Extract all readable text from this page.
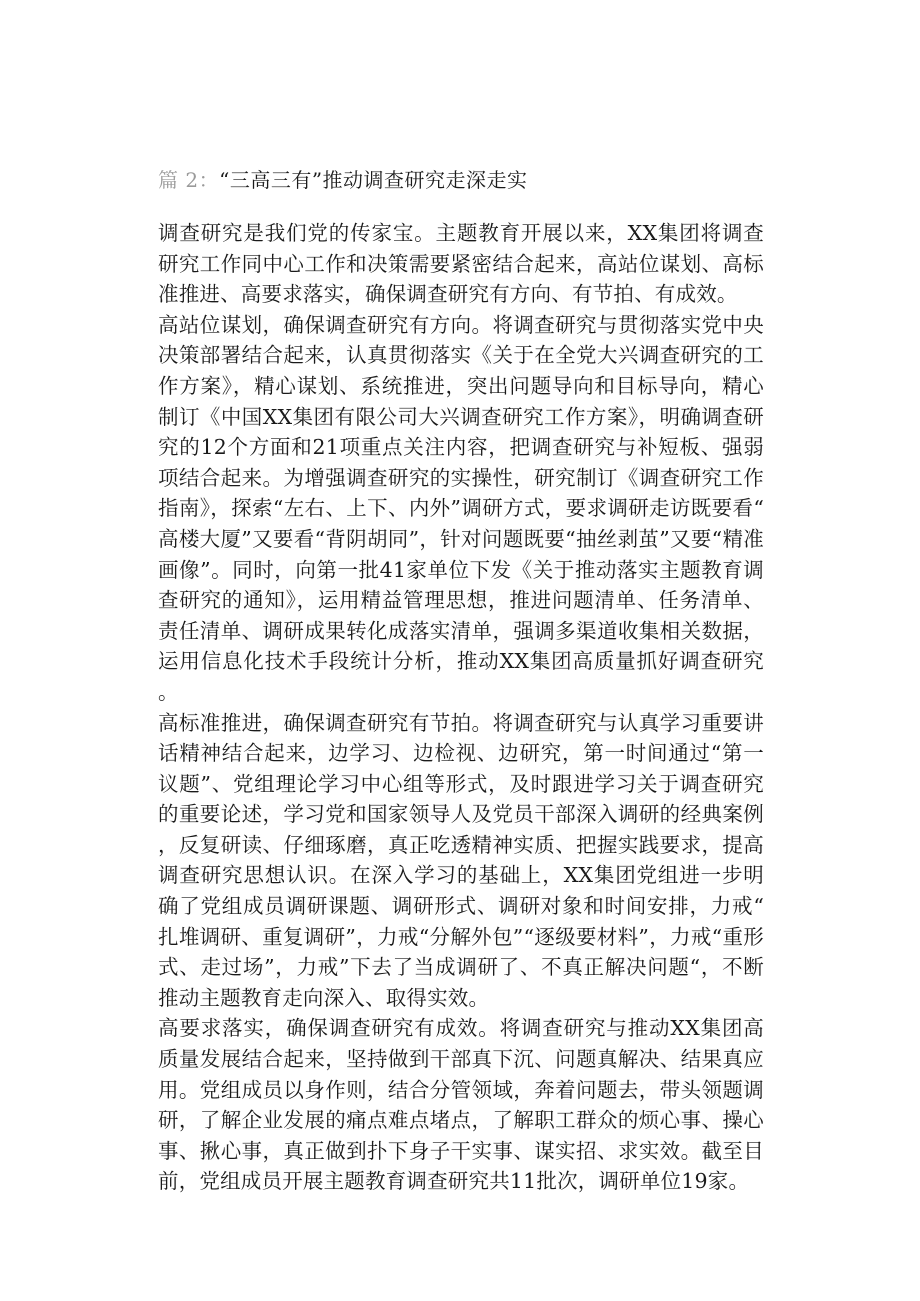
篇 2：“三高三有”推动调查研究走深走实

调查研究是我们党的传家宝。主题教育开展以来，XX集团将调查研究工作同中心工作和决策需要紧密结合起来，高站位谋划、高标准推进、高要求落实，确保调查研究有方向、有节拍、有成效。

高站位谋划，确保调查研究有方向。将调查研究与贯彻落实党中央决策部署结合起来，认真贯彻落实《关于在全党大兴调查研究的工作方案》，精心谋划、系统推进，突出问题导向和目标导向，精心制订《中国XX集团有限公司大兴调查研究工作方案》，明确调查研究的12个方面和21项重点关注内容，把调查研究与补短板、强弱项结合起来。为增强调查研究的实操性，研究制订《调查研究工作指南》，探索“左右、上下、内外”调研方式，要求调研走访既要看“高楼大厦”又要看“背阴胡同”，针对问题既要“抽丝剥茧”又要“精准画像”。同时，向第一批41家单位下发《关于推动落实主题教育调查研究的通知》，运用精益管理思想，推进问题清单、任务清单、责任清单、调研成果转化成落实清单，强调多渠道收集相关数据，运用信息化技术手段统计分析，推动XX集团高质量抓好调查研究。

高标准推进，确保调查研究有节拍。将调查研究与认真学习重要讲话精神结合起来，边学习、边检视、边研究，第一时间通过“第一议题”、党组理论学习中心组等形式，及时跟进学习关于调查研究的重要论述，学习党和国家领导人及党员干部深入调研的经典案例，反复研读、仔细琢磨，真正吃透精神实质、把握实践要求，提高调查研究思想认识。在深入学习的基础上，XX集团党组进一步明确了党组成员调研课题、调研形式、调研对象和时间安排，力戒“扎堆调研、重复调研”，力戒“分解外包”“逐级要材料”，力戒“重形式、走过场”，力戒”下去了当成调研了、不真正解决问题“，不断推动主题教育走向深入、取得实效。

高要求落实，确保调查研究有成效。将调查研究与推动XX集团高质量发展结合起来，坚持做到干部真下沉、问题真解决、结果真应用。党组成员以身作则，结合分管领域，奔着问题去，带头领题调研，了解企业发展的痛点难点堵点，了解职工群众的烦心事、操心事、揪心事，真正做到扑下身子干实事、谋实招、求实效。截至目前，党组成员开展主题教育调查研究共11批次，调研单位19家。
